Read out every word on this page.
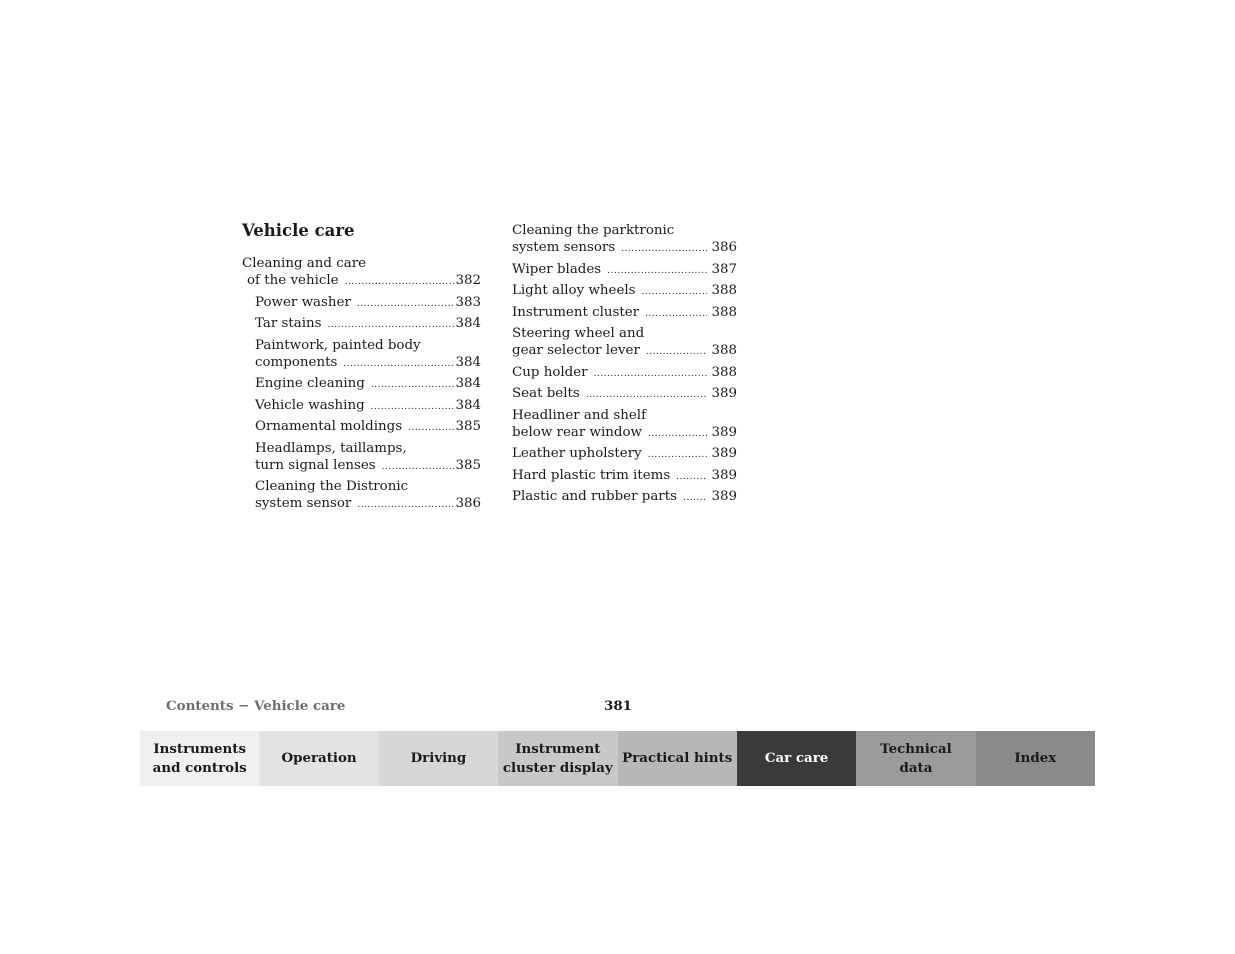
Vehicle care
Cleaning and care
of the vehicle .....	382
Power washer .....	383
Tar stains .....	384
Paintwork, painted body
components .....	384
Engine cleaning .....	384
Vehicle washing .....	384
Ornamental moldings .....	385
Headlamps, taillamps,
turn signal lenses .....	385
Cleaning the Distronic
system sensor .....	386
Cleaning the parktronic
system sensors .....	386
Wiper blades .....	387
Light alloy wheels .....	388
Instrument cluster .....	388
Steering wheel and
gear selector lever .....	388
Cup holder .....	388
Seat belts .....	389
Headliner and shelf
below rear window .....	389
Leather upholstery .....	389
Hard plastic trim items .....	389
Plastic and rubber parts .....	389
Contents − Vehicle care	381
Instruments
and controls
Operation	Driving
Instrument
cluster display
Practical hints	Car care
Technical
data
Index
